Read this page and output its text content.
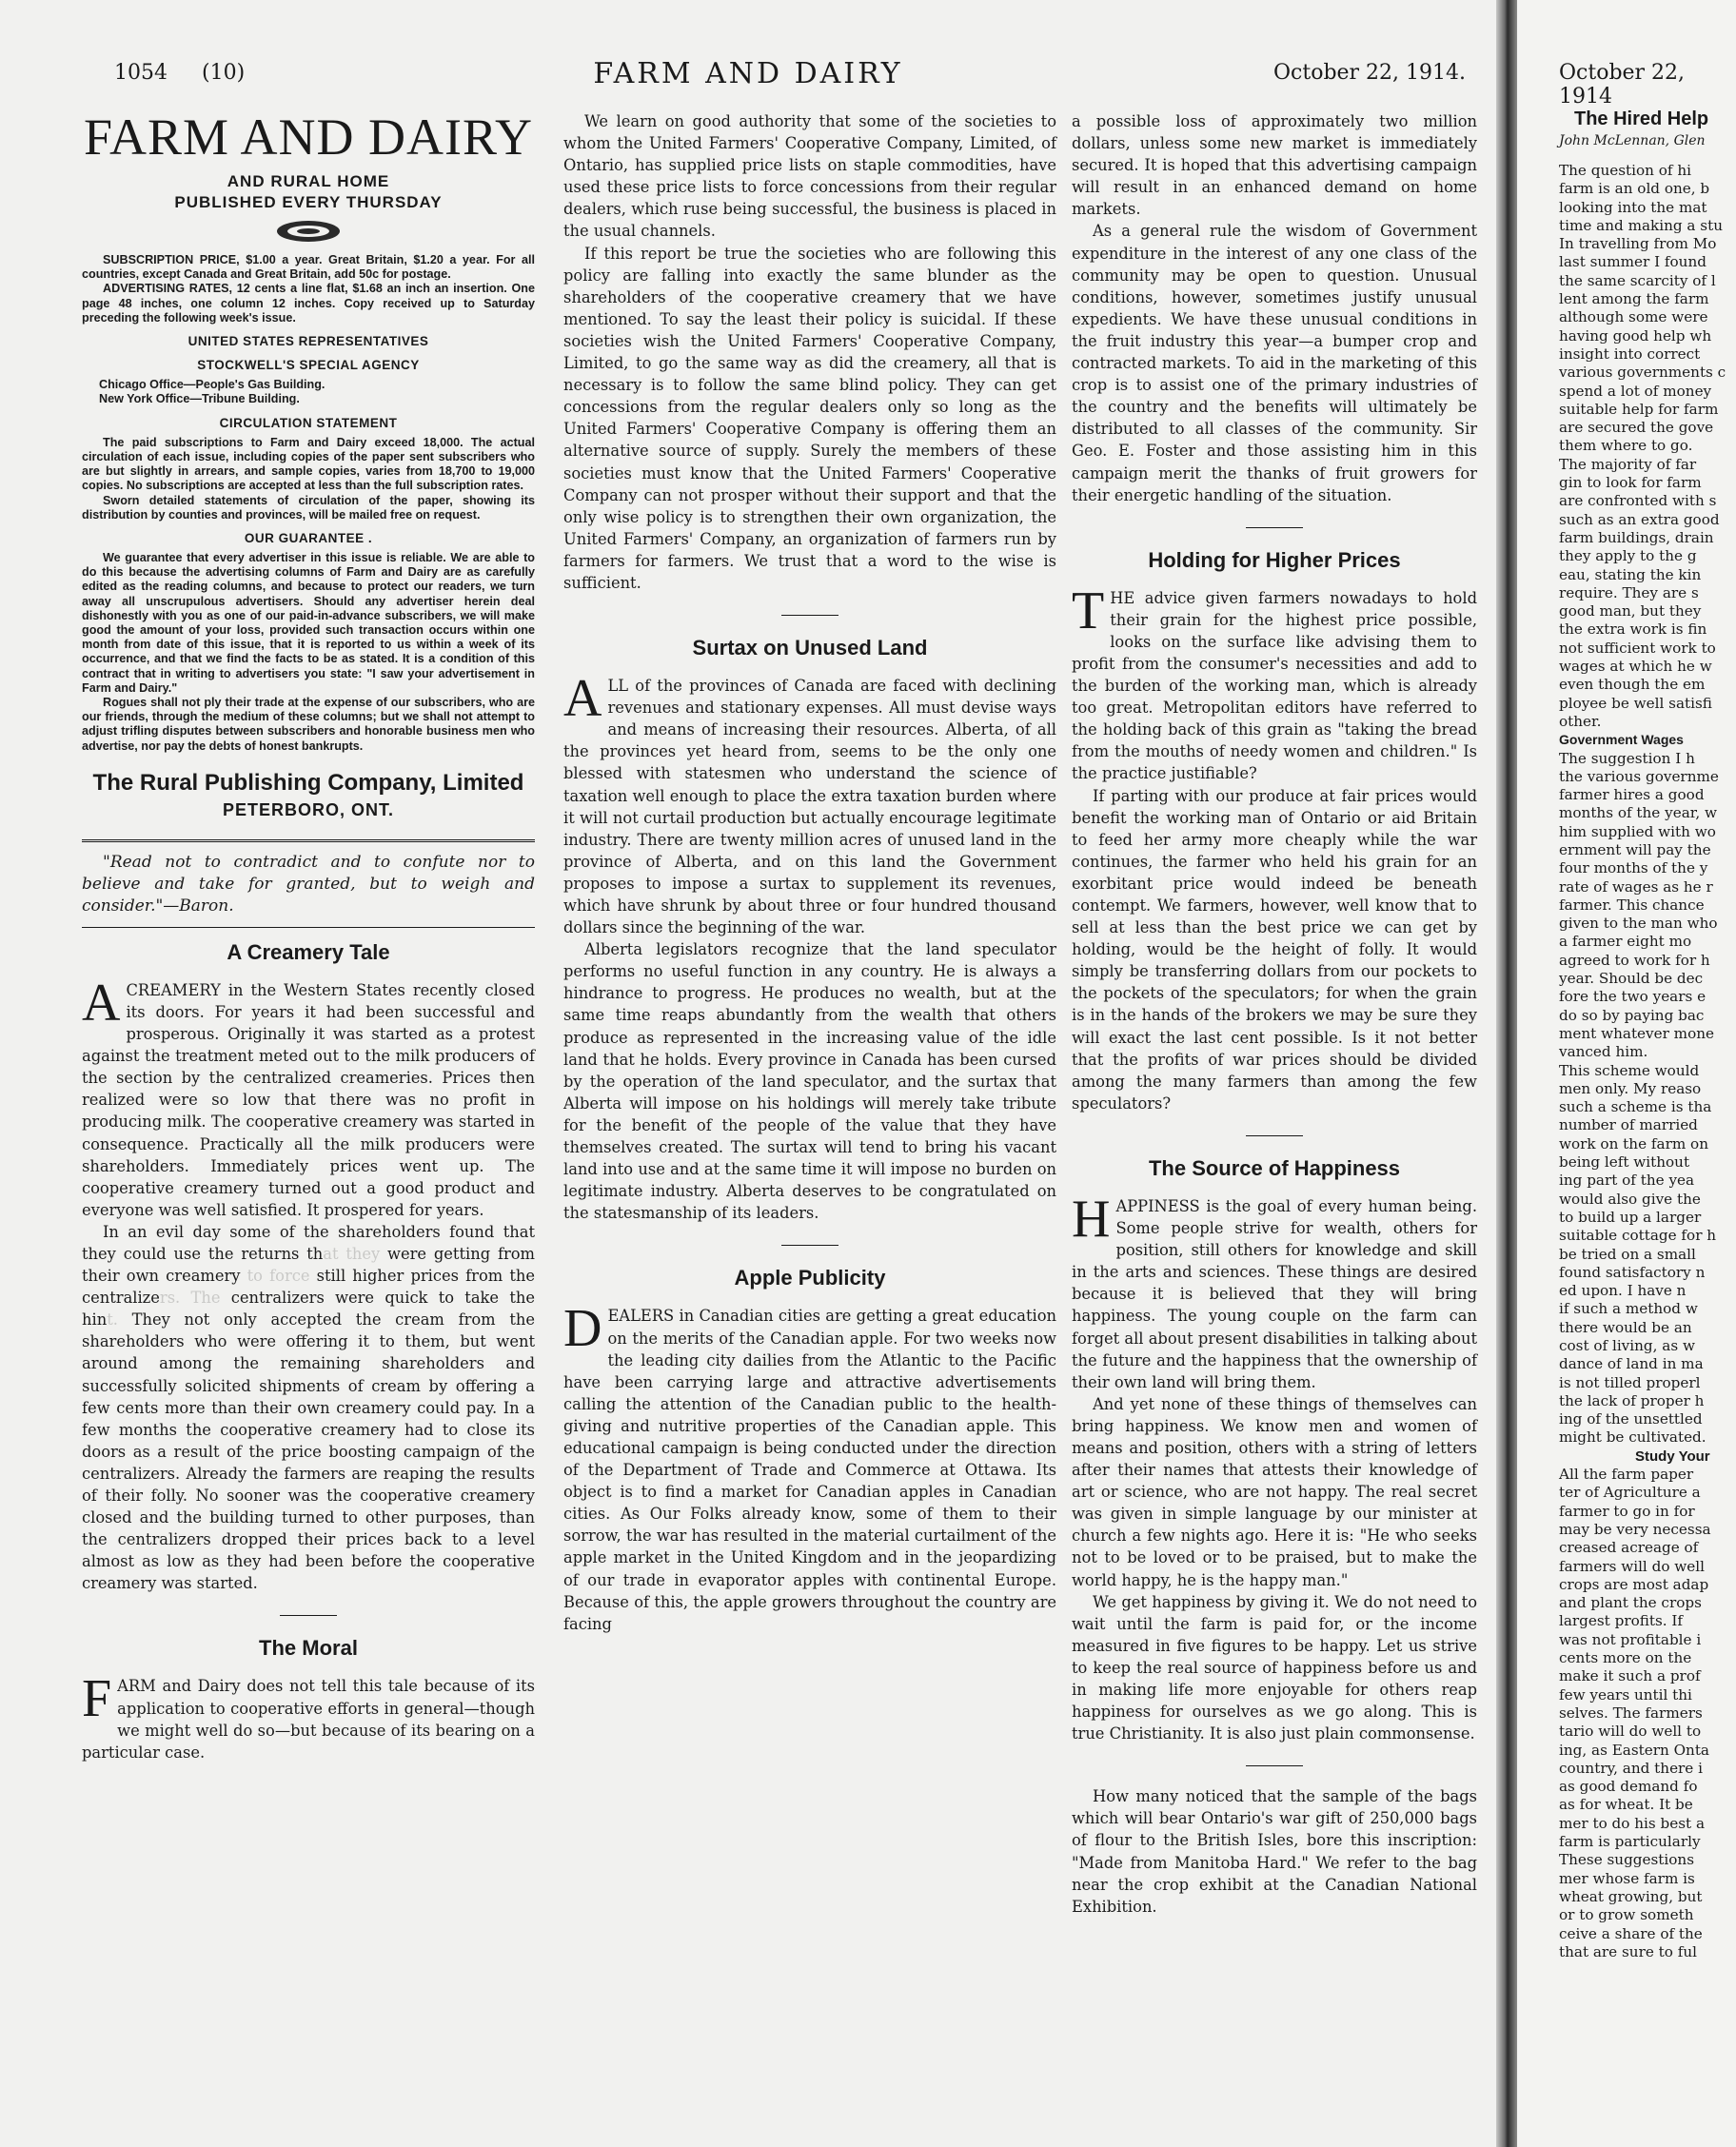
1054 (10)	FARM AND DAIRY	October 22, 1914.
FARM AND DAIRY
AND RURAL HOME
PUBLISHED EVERY THURSDAY

SUBSCRIPTION PRICE, $1.00 a year. Great Britain, $1.20 a year. For all countries, except Canada and Great Britain, add 50c for postage.

ADVERTISING RATES, 12 cents a line flat, $1.68 an inch an insertion. One page 48 inches, one column 12 inches. Copy received up to Saturday preceding the following week's issue.

UNITED STATES REPRESENTATIVES
STOCKWELL'S SPECIAL AGENCY
Chicago Office—People's Gas Building.
New York Office—Tribune Building.
CIRCULATION STATEMENT

The paid subscriptions to Farm and Dairy exceed 18,000. The actual circulation of each issue, including copies of the paper sent subscribers who are but slightly in arrears, and sample copies, varies from 18,700 to 19,000 copies. No subscriptions are accepted at less than the full subscription rates.

Sworn detailed statements of circulation of the paper, showing its distribution by counties and provinces, will be mailed free on request.

OUR GUARANTEE .

We guarantee that every advertiser in this issue is reliable. We are able to do this because the advertising columns of Farm and Dairy are as carefully edited as the reading columns, and because to protect our readers, we turn away all unscrupulous advertisers. Should any advertiser herein deal dishonestly with you as one of our paid-in-advance subscribers, we will make good the amount of your loss, provided such transaction occurs within one month from date of this issue, that it is reported to us within a week of its occurrence, and that we find the facts to be as stated. It is a condition of this contract that in writing to advertisers you state: "I saw your advertisement in Farm and Dairy."

Rogues shall not ply their trade at the expense of our subscribers, who are our friends, through the medium of these columns; but we shall not attempt to adjust trifling disputes between subscribers and honorable business men who advertise, nor pay the debts of honest bankrupts.

The Rural Publishing Company, Limited
PETERBORO, ONT.

"Read not to contradict and to confute nor to believe and take for granted, but to weigh and consider."—Baron.

A Creamery Tale

ACREAMERY in the Western States recently closed its doors. For years it had been successful and prosperous. Originally it was started as a protest against the treatment meted out to the milk producers of the section by the centralized creameries. Prices then realized were so low that there was no profit in producing milk. The cooperative creamery was started in consequence. Practically all the milk producers were shareholders. Immediately prices went up. The cooperative creamery turned out a good product and everyone was well satisfied. It prospered for years.

In an evil day some of the shareholders found that they could use the returns that they were getting from their own creamery to force still higher prices from the centralizers. The centralizers were quick to take the hint. They not only accepted the cream from the shareholders who were offering it to them, but went around among the remaining shareholders and successfully solicited shipments of cream by offering a few cents more than their own creamery could pay. In a few months the cooperative creamery had to close its doors as a result of the price boosting campaign of the centralizers. Already the farmers are reaping the results of their folly. No sooner was the cooperative creamery closed and the building turned to other purposes, than the centralizers dropped their prices back to a level almost as low as they had been before the cooperative creamery was started.

The Moral

FARM and Dairy does not tell this tale because of its application to cooperative efforts in general—though we might well do so—but because of its bearing on a particular case.

We learn on good authority that some of the societies to whom the United Farmers' Cooperative Company, Limited, of Ontario, has supplied price lists on staple commodities, have used these price lists to force concessions from their regular dealers, which ruse being successful, the business is placed in the usual channels.

If this report be true the societies who are following this policy are falling into exactly the same blunder as the shareholders of the cooperative creamery that we have mentioned. To say the least their policy is suicidal. If these societies wish the United Farmers' Cooperative Company, Limited, to go the same way as did the creamery, all that is necessary is to follow the same blind policy. They can get concessions from the regular dealers only so long as the United Farmers' Cooperative Company is offering them an alternative source of supply. Surely the members of these societies must know that the United Farmers' Cooperative Company can not prosper without their support and that the only wise policy is to strengthen their own organization, the United Farmers' Company, an organization of farmers run by farmers for farmers. We trust that a word to the wise is sufficient.

Surtax on Unused Land

ALL of the provinces of Canada are faced with declining revenues and stationary expenses. All must devise ways and means of increasing their resources. Alberta, of all the provinces yet heard from, seems to be the only one blessed with statesmen who understand the science of taxation well enough to place the extra taxation burden where it will not curtail production but actually encourage legitimate industry. There are twenty million acres of unused land in the province of Alberta, and on this land the Government proposes to impose a surtax to supplement its revenues, which have shrunk by about three or four hundred thousand dollars since the beginning of the war.

Alberta legislators recognize that the land speculator performs no useful function in any country. He is always a hindrance to progress. He produces no wealth, but at the same time reaps abundantly from the wealth that others produce as represented in the increasing value of the idle land that he holds. Every province in Canada has been cursed by the operation of the land speculator, and the surtax that Alberta will impose on his holdings will merely take tribute for the benefit of the people of the value that they have themselves created. The surtax will tend to bring his vacant land into use and at the same time it will impose no burden on legitimate industry. Alberta deserves to be congratulated on the statesmanship of its leaders.

Apple Publicity

DEALERS in Canadian cities are getting a great education on the merits of the Canadian apple. For two weeks now the leading city dailies from the Atlantic to the Pacific have been carrying large and attractive advertisements calling the attention of the Canadian public to the health-giving and nutritive properties of the Canadian apple. This educational campaign is being conducted under the direction of the Department of Trade and Commerce at Ottawa. Its object is to find a market for Canadian apples in Canadian cities. As Our Folks already know, some of them to their sorrow, the war has resulted in the material curtailment of the apple market in the United Kingdom and in the jeopardizing of our trade in evaporator apples with continental Europe. Because of this, the apple growers throughout the country are facing

a possible loss of approximately two million dollars, unless some new market is immediately secured. It is hoped that this advertising campaign will result in an enhanced demand on home markets.

As a general rule the wisdom of Government expenditure in the interest of any one class of the community may be open to question. Unusual conditions, however, sometimes justify unusual expedients. We have these unusual conditions in the fruit industry this year—a bumper crop and contracted markets. To aid in the marketing of this crop is to assist one of the primary industries of the country and the benefits will ultimately be distributed to all classes of the community. Sir Geo. E. Foster and those assisting him in this campaign merit the thanks of fruit growers for their energetic handling of the situation.

Holding for Higher Prices

THE advice given farmers nowadays to hold their grain for the highest price possible, looks on the surface like advising them to profit from the consumer's necessities and add to the burden of the working man, which is already too great. Metropolitan editors have referred to the holding back of this grain as "taking the bread from the mouths of needy women and children." Is the practice justifiable?

If parting with our produce at fair prices would benefit the working man of Ontario or aid Britain to feed her army more cheaply while the war continues, the farmer who held his grain for an exorbitant price would indeed be beneath contempt. We farmers, however, well know that to sell at less than the best price we can get by holding, would be the height of folly. It would simply be transferring dollars from our pockets to the pockets of the speculators; for when the grain is in the hands of the brokers we may be sure they will exact the last cent possible. Is it not better that the profits of war prices should be divided among the many farmers than among the few speculators?

The Source of Happiness

HAPPINESS is the goal of every human being. Some people strive for wealth, others for position, still others for knowledge and skill in the arts and sciences. These things are desired because it is believed that they will bring happiness. The young couple on the farm can forget all about present disabilities in talking about the future and the happiness that the ownership of their own land will bring them.

And yet none of these things of themselves can bring happiness. We know men and women of means and position, others with a string of letters after their names that attests their knowledge of art or science, who are not happy. The real secret was given in simple language by our minister at church a few nights ago. Here it is: "He who seeks not to be loved or to be praised, but to make the world happy, he is the happy man."

We get happiness by giving it. We do not need to wait until the farm is paid for, or the income measured in five figures to be happy. Let us strive to keep the real source of happiness before us and in making life more enjoyable for others reap happiness for ourselves as we go along. This is true Christianity. It is also just plain commonsense.

How many noticed that the sample of the bags which will bear Ontario's war gift of 250,000 bags of flour to the British Isles, bore this inscription: "Made from Manitoba Hard." We refer to the bag near the crop exhibit at the Canadian National Exhibition.

October 22, 1914
The Hired Help
John McLennan, Glen
The question of hi
farm is an old one, b
looking into the mat
time and making a stu
In travelling from Mo
last summer I found
the same scarcity of l
lent among the farm
although some were
having good help wh
insight into correct
various governments c
spend a lot of money
suitable help for farm
are secured the gove
them where to go.
The majority of far
gin to look for farm
are confronted with s
such as an extra good
farm buildings, drain
they apply to the g
eau, stating the kin
require. They are s
good man, but they
the extra work is fin
not sufficient work to
wages at which he w
even though the em
ployee be well satisfi
other.
Government Wages
The suggestion I h
the various governme
farmer hires a good
months of the year, w
him supplied with wo
ernment will pay the
four months of the y
rate of wages as he r
farmer. This chance
given to the man who
a farmer eight mo
agreed to work for h
year. Should be dec
fore the two years e
do so by paying bac
ment whatever mone
vanced him.
This scheme would
men only. My reaso
such a scheme is tha
number of married
work on the farm on
being left without
ing part of the yea
would also give the
to build up a larger
suitable cottage for h
be tried on a small
found satisfactory n
ed upon. I have n
if such a method w
there would be an
cost of living, as w
dance of land in ma
is not tilled properl
the lack of proper h
ing of the unsettled
might be cultivated.
Study Your
All the farm paper
ter of Agriculture a
farmer to go in for
may be very necessa
creased acreage of
farmers will do well
crops are most adap
and plant the crops
largest profits. If
was not profitable i
cents more on the
make it such a prof
few years until thi
selves. The farmers
tario will do well to
ing, as Eastern Onta
country, and there i
as good demand fo
as for wheat. It be
mer to do his best a
farm is particularly
These suggestions
mer whose farm is
wheat growing, but
or to grow someth
ceive a share of the
that are sure to ful
